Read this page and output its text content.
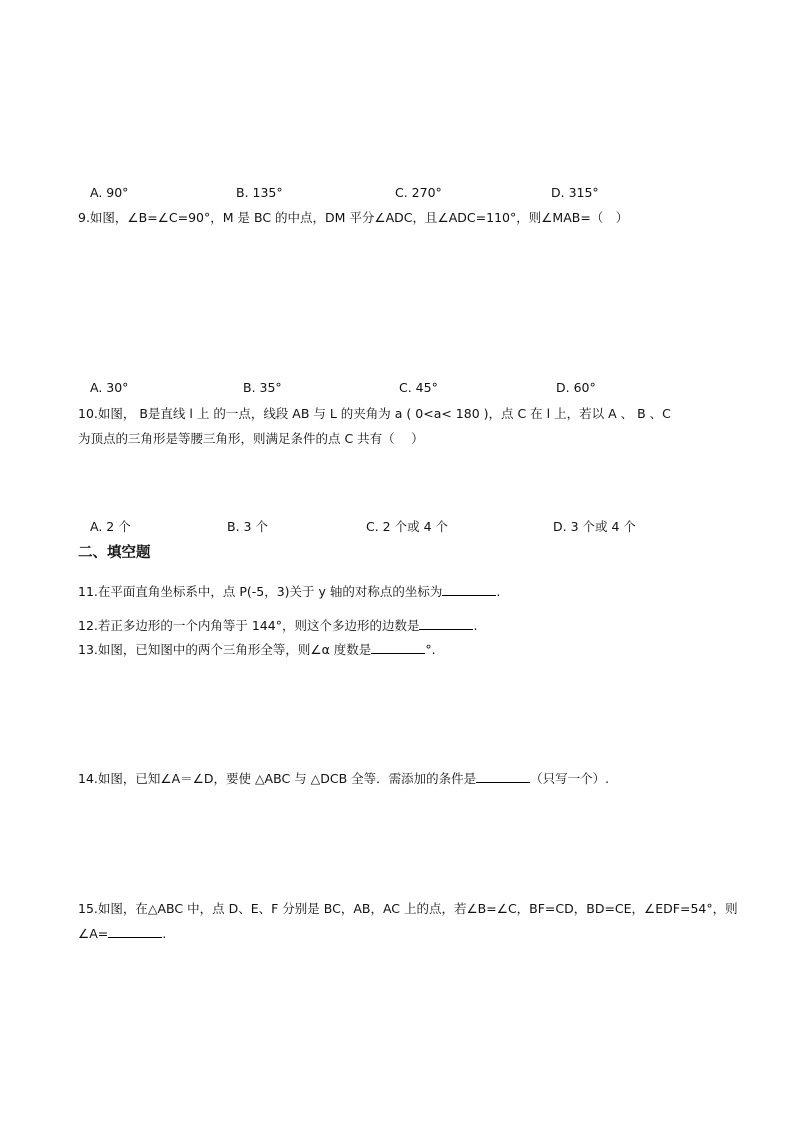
B
1
C	2	A
A. 90°	B. 135°	C. 270°	D. 315°
9.如图，∠B=∠C=90°，M 是 BC 的中点，DM 平分∠ADC，且∠ADC=110°，则∠MAB=（　）
D	C
M
A	B
A. 30°	B. 35°	C. 45°	D. 60°
10.如图， B是直线 l 上 的一点，线段 AB 与 L 的夹角为 a ( 0<a< 180 )，点 C 在 l 上，若以 A 、 B 、C
为顶点的三角形是等腰三角形，则满足条件的点 C 共有（　 ）
A
α
B
l
A. 2 个	B. 3 个	C. 2 个或 4 个	D. 3 个或 4 个
二、填空题
11.在平面直角坐标系中，点 P(-5，3)关于 y 轴的对称点的坐标为	.
12.若正多边形的一个内角等于 144°，则这个多边形的边数是	.
13.如图，已知图中的两个三角形全等，则∠α 度数是	°.
a
50°
c
58° 72°
b
a
α
c
14.如图，已知∠A＝∠D，要使 △ABC 与 △DCB 全等．需添加的条件是	（只写一个）.
A	D
O
B	C
15.如图，在△ABC 中，点 D、E、F 分别是 BC，AB，AC 上的点，若∠B=∠C，BF=CD，BD=CE，∠EDF=54°，则
∠A=	.
